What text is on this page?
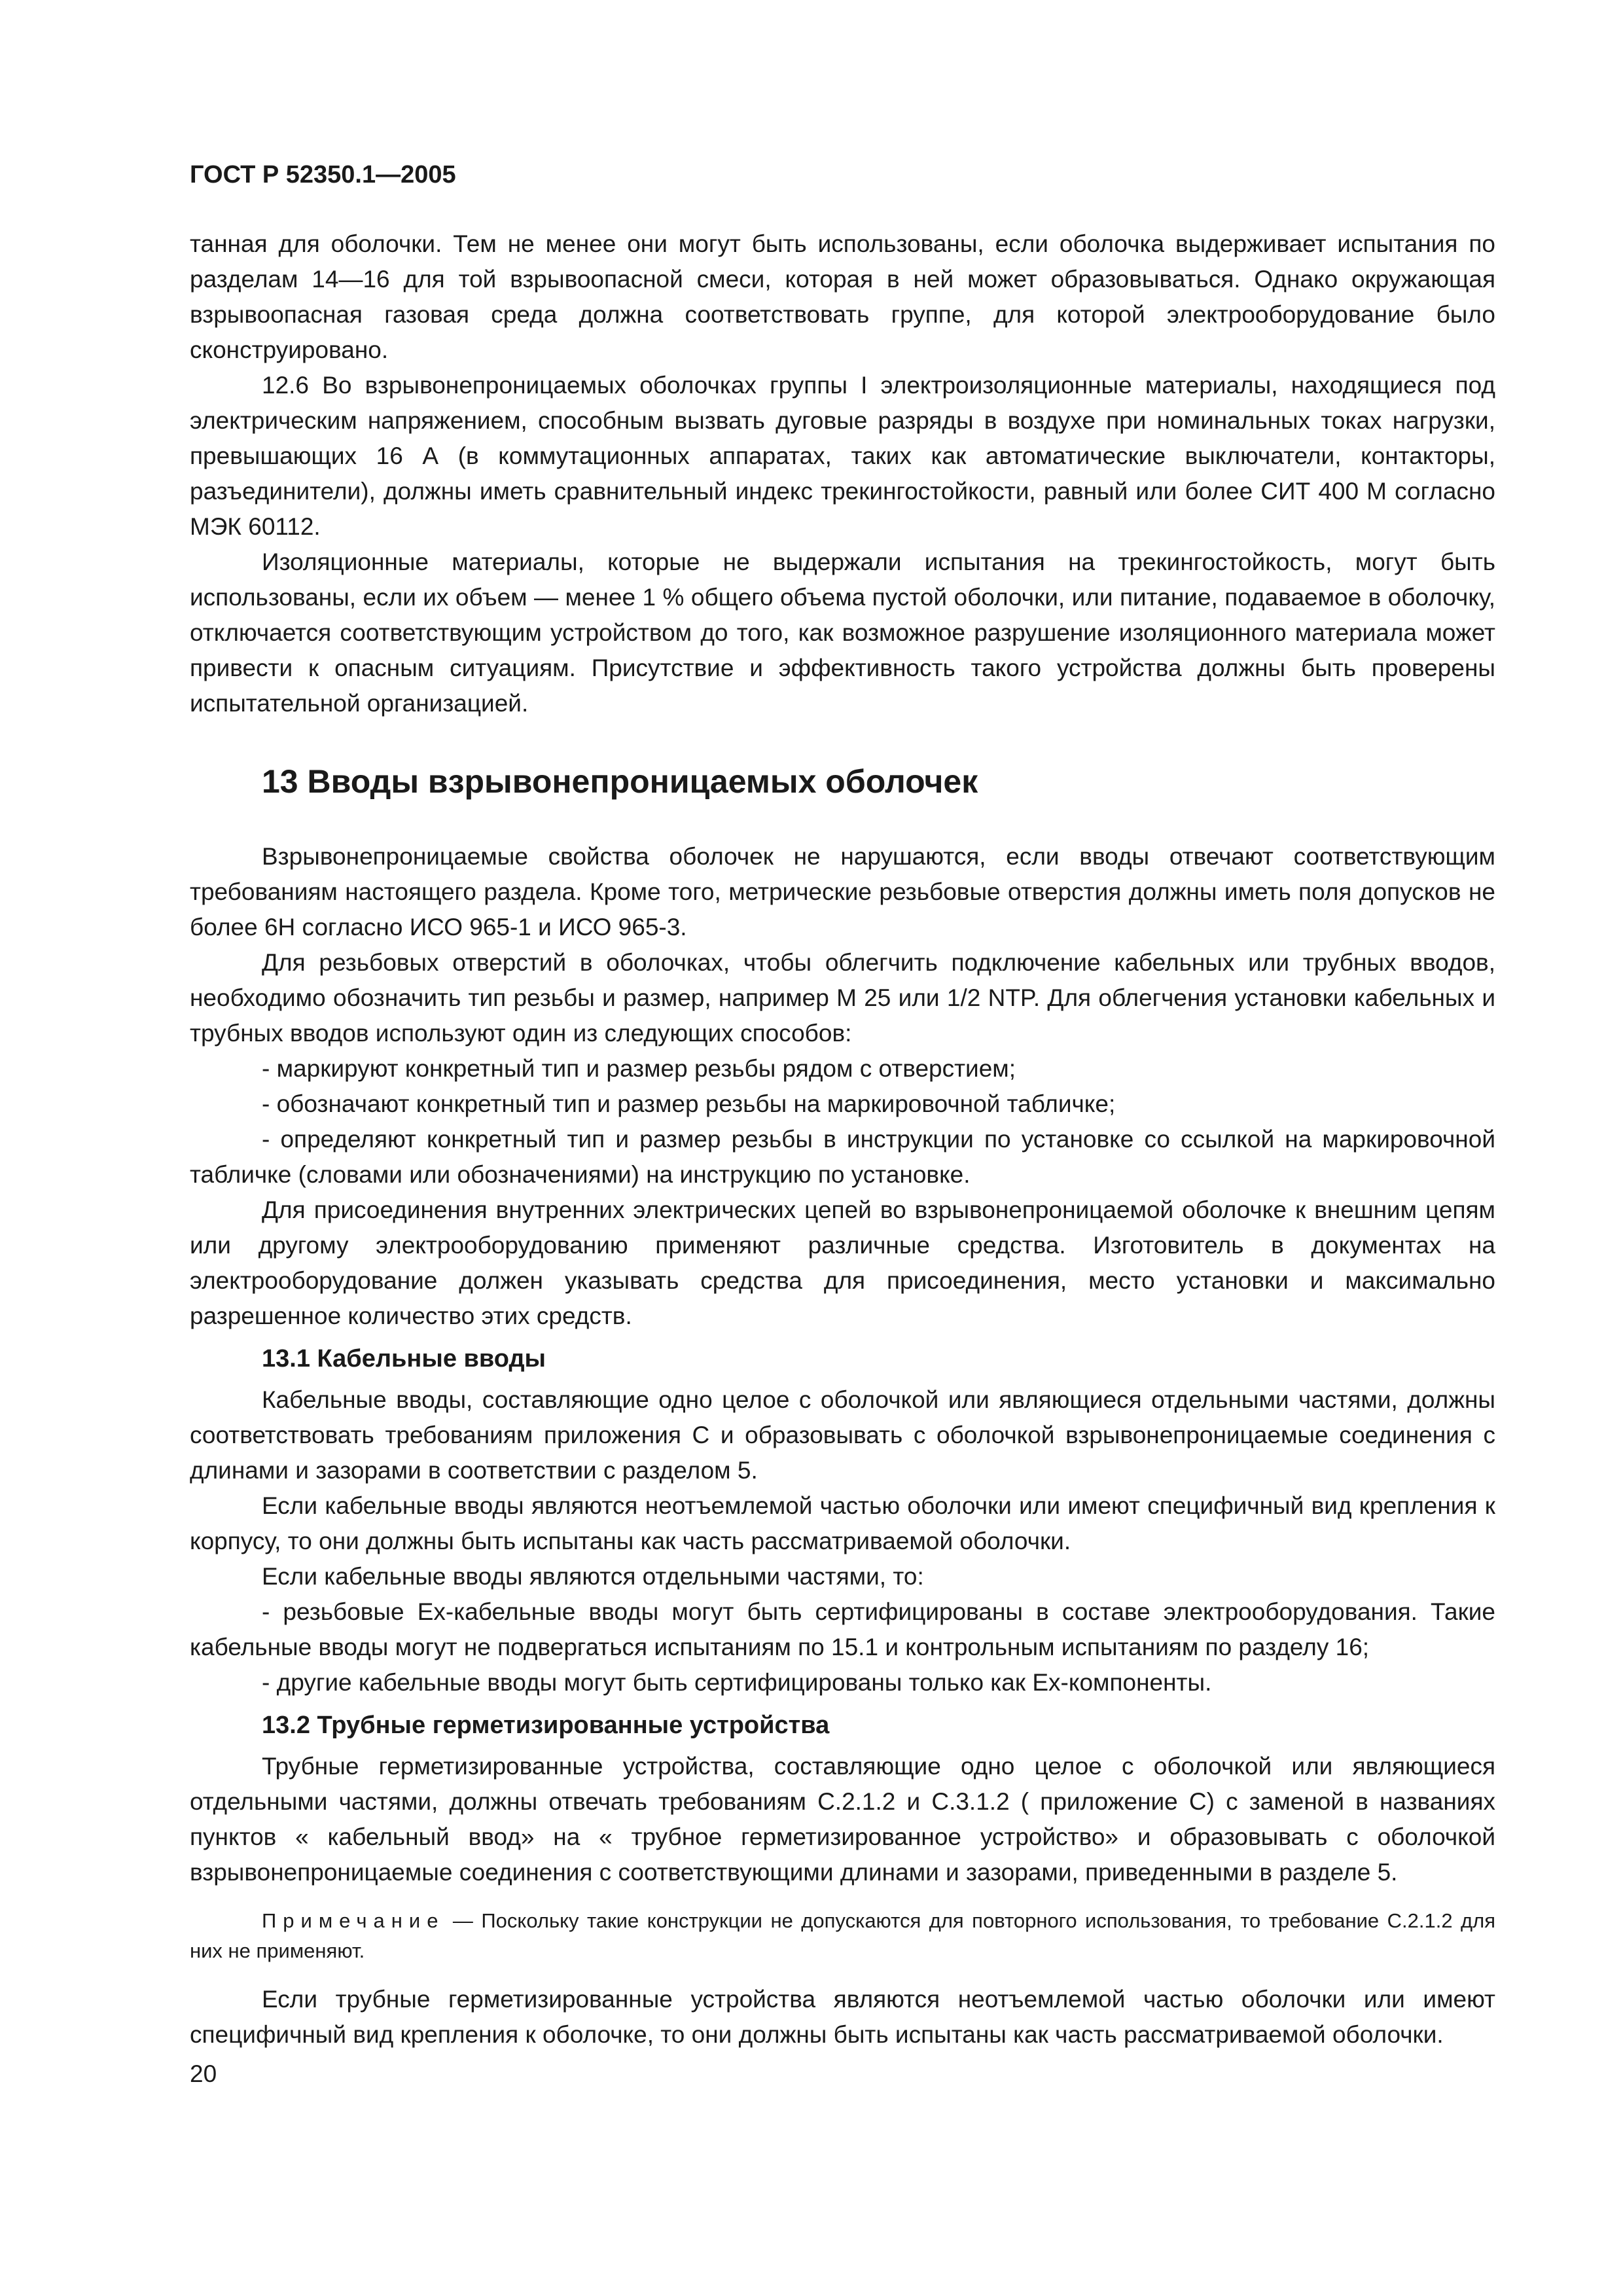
ГОСТ Р 52350.1—2005

танная для оболочки. Тем не менее они могут быть использованы, если оболочка выдерживает испытания по разделам 14—16 для той взрывоопасной смеси, которая в ней может образовываться. Однако окружающая взрывоопасная газовая среда должна соответствовать группе, для которой электрооборудование было сконструировано.

12.6 Во взрывонепроницаемых оболочках группы I электроизоляционные материалы, находящиеся под электрическим напряжением, способным вызвать дуговые разряды в воздухе при номинальных токах нагрузки, превышающих 16 А (в коммутационных аппаратах, таких как автоматические выключатели, контакторы, разъединители), должны иметь сравнительный индекс трекингостойкости, равный или более СИТ 400 М согласно МЭК 60112.

Изоляционные материалы, которые не выдержали испытания на трекингостойкость, могут быть использованы, если их объем — менее 1 % общего объема пустой оболочки, или питание, подаваемое в оболочку, отключается соответствующим устройством до того, как возможное разрушение изоляционного материала может привести к опасным ситуациям. Присутствие и эффективность такого устройства должны быть проверены испытательной организацией.

13 Вводы взрывонепроницаемых оболочек

Взрывонепроницаемые свойства оболочек не нарушаются, если вводы отвечают соответствующим требованиям настоящего раздела. Кроме того, метрические резьбовые отверстия должны иметь поля допусков не более 6Н согласно ИСО 965-1 и ИСО 965-3.

Для резьбовых отверстий в оболочках, чтобы облегчить подключение кабельных или трубных вводов, необходимо обозначить тип резьбы и размер, например М 25 или 1/2 NTP. Для облегчения установки кабельных и трубных вводов используют один из следующих способов:

- маркируют конкретный тип и размер резьбы рядом с отверстием;

- обозначают конкретный тип и размер резьбы на маркировочной табличке;

- определяют конкретный тип и размер резьбы в инструкции по установке со ссылкой на маркировочной табличке (словами или обозначениями) на инструкцию по установке.

Для присоединения внутренних электрических цепей во взрывонепроницаемой оболочке к внешним цепям или другому электрооборудованию применяют различные средства. Изготовитель в документах на электрооборудование должен указывать средства для присоединения, место установки и максимально разрешенное количество этих средств.

13.1 Кабельные вводы

Кабельные вводы, составляющие одно целое с оболочкой или являющиеся отдельными частями, должны соответствовать требованиям приложения С и образовывать с оболочкой взрывонепроницаемые соединения с длинами и зазорами в соответствии с разделом 5.

Если кабельные вводы являются неотъемлемой частью оболочки или имеют специфичный вид крепления к корпусу, то они должны быть испытаны как часть рассматриваемой оболочки.

Если кабельные вводы являются отдельными частями, то:

- резьбовые Ex-кабельные вводы могут быть сертифицированы в составе электрооборудования. Такие кабельные вводы могут не подвергаться испытаниям по 15.1 и контрольным испытаниям по разделу 16;

- другие кабельные вводы могут быть сертифицированы только как Ex-компоненты.

13.2 Трубные герметизированные устройства

Трубные герметизированные устройства, составляющие одно целое с оболочкой или являющиеся отдельными частями, должны отвечать требованиям С.2.1.2 и С.3.1.2 ( приложение С) с заменой в названиях пунктов « кабельный ввод» на « трубное герметизированное устройство» и образовывать с оболочкой взрывонепроницаемые соединения с соответствующими длинами и зазорами, приведенными в разделе 5.

Примечание — Поскольку такие конструкции не допускаются для повторного использования, то требование С.2.1.2 для них не применяют.

Если трубные герметизированные устройства являются неотъемлемой частью оболочки или имеют специфичный вид крепления к оболочке, то они должны быть испытаны как часть рассматриваемой оболочки.

20
